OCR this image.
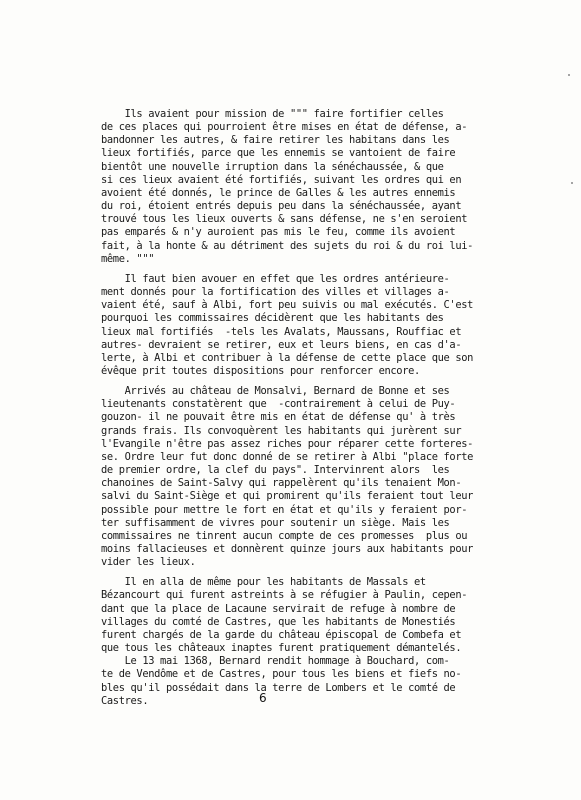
Ils avaient pour mission de """ faire fortifier celles
de ces places qui pourroient être mises en état de défense, a-
bandonner les autres, & faire retirer les habitans dans les
lieux fortifiés, parce que les ennemis se vantoient de faire
bientôt une nouvelle irruption dans la sénéchaussée, & que
si ces lieux avaient été fortifiés, suivant les ordres qui en
avoient été donnés, le prince de Galles & les autres ennemis
du roi, étoient entrés depuis peu dans la sénéchaussée, ayant
trouvé tous les lieux ouverts & sans défense, ne s'en seroient
pas emparés & n'y auroient pas mis le feu, comme ils avoient
fait, à la honte & au détriment des sujets du roi & du roi lui-
même. """
Il faut bien avouer en effet que les ordres antérieure-
ment donnés pour la fortification des villes et villages a-
vaient été, sauf à Albi, fort peu suivis ou mal exécutés. C'est
pourquoi les commissaires décidèrent que les habitants des
lieux mal fortifiés  -tels les Avalats, Maussans, Rouffiac et
autres- devraient se retirer, eux et leurs biens, en cas d'a-
lerte, à Albi et contribuer à la défense de cette place que son
évêque prit toutes dispositions pour renforcer encore.
Arrivés au château de Monsalvi, Bernard de Bonne et ses
lieutenants constatèrent que  -contrairement à celui de Puy-
gouzon- il ne pouvait être mis en état de défense qu' à très
grands frais. Ils convoquèrent les habitants qui jurèrent sur
l'Evangile n'être pas assez riches pour réparer cette forteres-
se. Ordre leur fut donc donné de se retirer à Albi "place forte
de premier ordre, la clef du pays". Intervinrent alors  les
chanoines de Saint-Salvy qui rappelèrent qu'ils tenaient Mon-
salvi du Saint-Siège et qui promirent qu'ils feraient tout leur
possible pour mettre le fort en état et qu'ils y feraient por-
ter suffisamment de vivres pour soutenir un siège. Mais les
commissaires ne tinrent aucun compte de ces promesses  plus ou
moins fallacieuses et donnèrent quinze jours aux habitants pour
vider les lieux.
Il en alla de même pour les habitants de Massals et
Bézancourt qui furent astreints à se réfugier à Paulin, cepen-
dant que la place de Lacaune servirait de refuge à nombre de
villages du comté de Castres, que les habitants de Monestiés
furent chargés de la garde du château épiscopal de Combefa et
que tous les châteaux inaptes furent pratiquement démantelés.
Le 13 mai 1368, Bernard rendit hommage à Bouchard, com-
te de Vendôme et de Castres, pour tous les biens et fiefs no-
bles qu'il possédait dans la terre de Lombers et le comté de
Castres.	6
